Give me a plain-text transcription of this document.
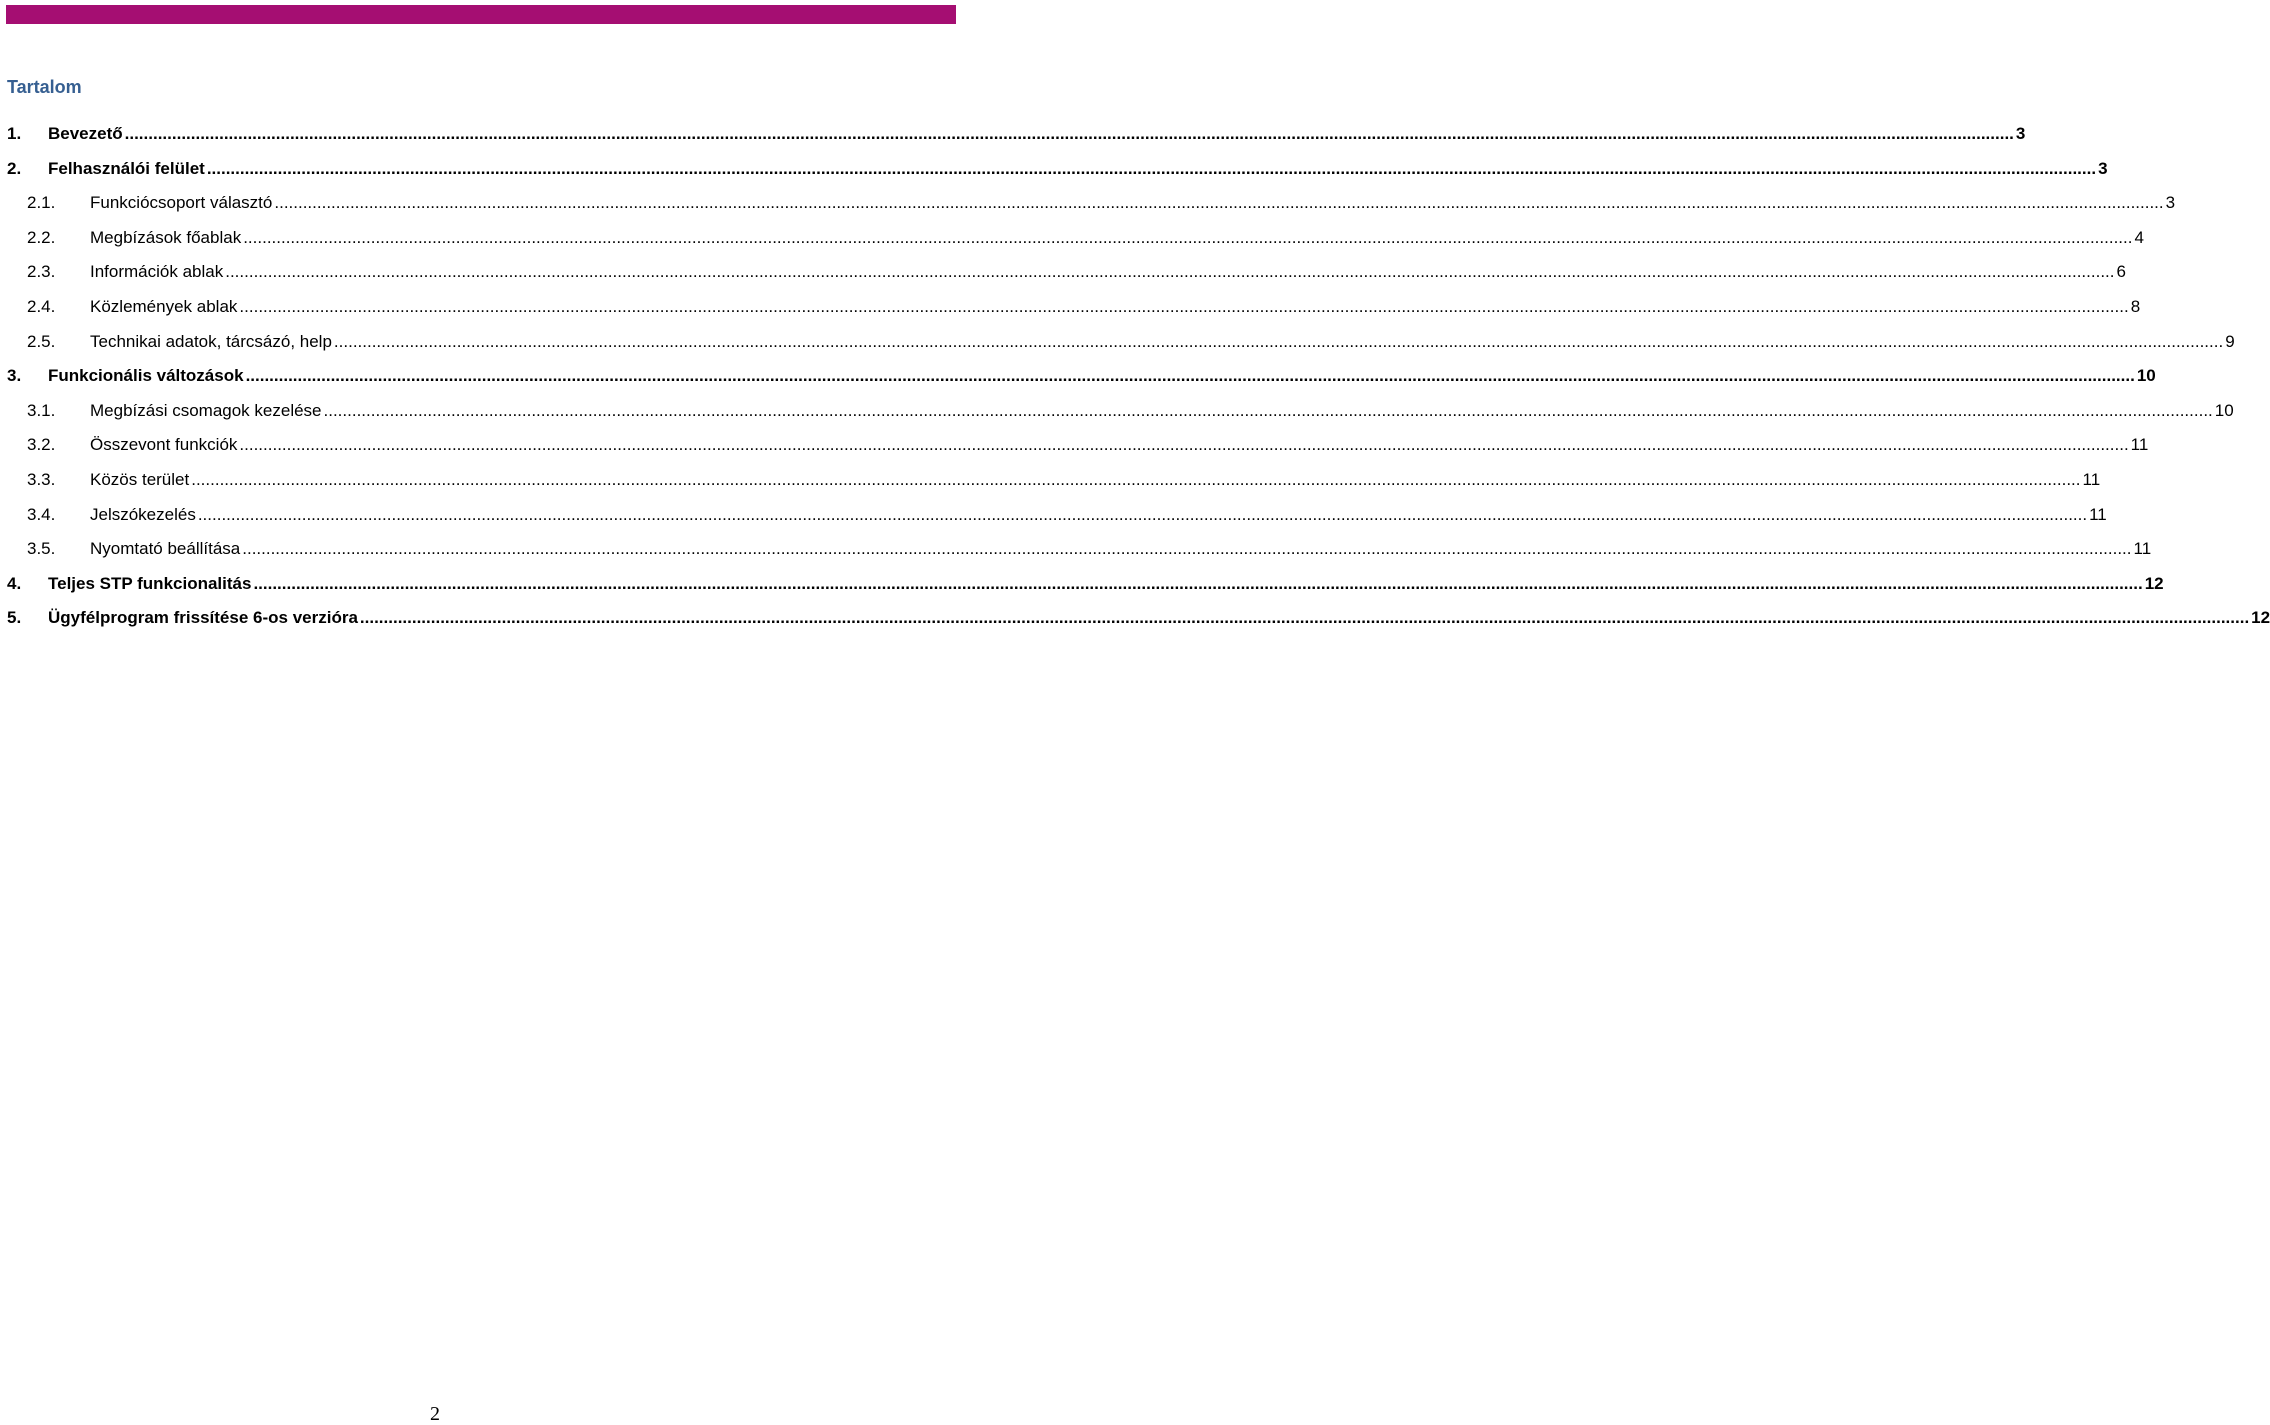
Tartalom
1. Bevezető ................................................................................................................................................................................................................................................................................................................................................................................................................ 3
2. Felhasználói felület ................................................................................................................................................................................................................................................................................................................................................................................................................ 3
2.1. Funkciócsoport választó ................................................................................................................................................................................................................................................................................................................................................................................................................ 3
2.2. Megbízások főablak ................................................................................................................................................................................................................................................................................................................................................................................................................ 4
2.3. Információk ablak ................................................................................................................................................................................................................................................................................................................................................................................................................ 6
2.4. Közlemények ablak ................................................................................................................................................................................................................................................................................................................................................................................................................ 8
2.5. Technikai adatok, tárcsázó, help ................................................................................................................................................................................................................................................................................................................................................................................................................ 9
3. Funkcionális változások ................................................................................................................................................................................................................................................................................................................................................................................................................ 10
3.1. Megbízási csomagok kezelése ................................................................................................................................................................................................................................................................................................................................................................................................................ 10
3.2. Összevont funkciók ................................................................................................................................................................................................................................................................................................................................................................................................................ 11
3.3. Közös terület ................................................................................................................................................................................................................................................................................................................................................................................................................ 11
3.4. Jelszókezelés ................................................................................................................................................................................................................................................................................................................................................................................................................ 11
3.5. Nyomtató beállítása ................................................................................................................................................................................................................................................................................................................................................................................................................ 11
4. Teljes STP funkcionalitás ................................................................................................................................................................................................................................................................................................................................................................................................................ 12
5. Ügyfélprogram frissítése 6-os verzióra ................................................................................................................................................................................................................................................................................................................................................................................................................ 12
2
